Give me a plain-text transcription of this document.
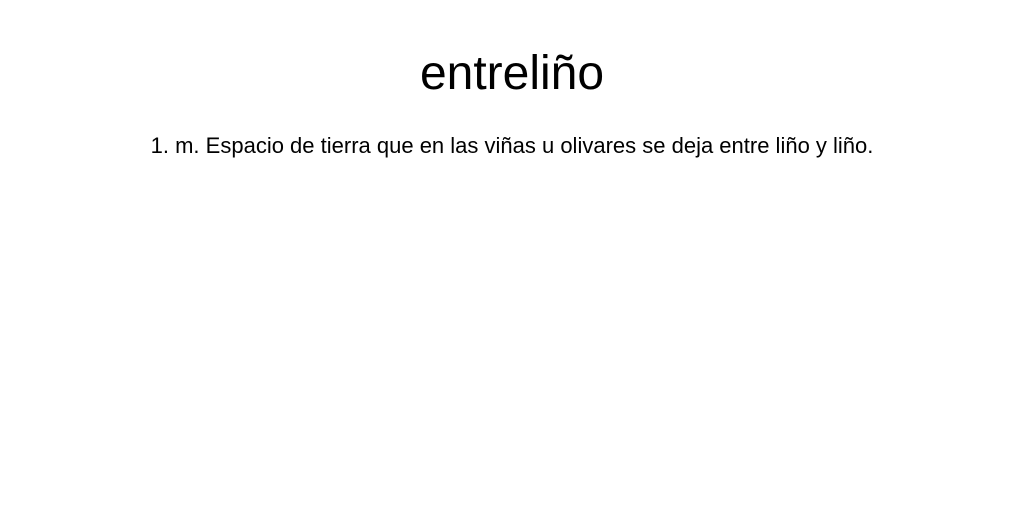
entreliño

1. m. Espacio de tierra que en las viñas u olivares se deja entre liño y liño.
